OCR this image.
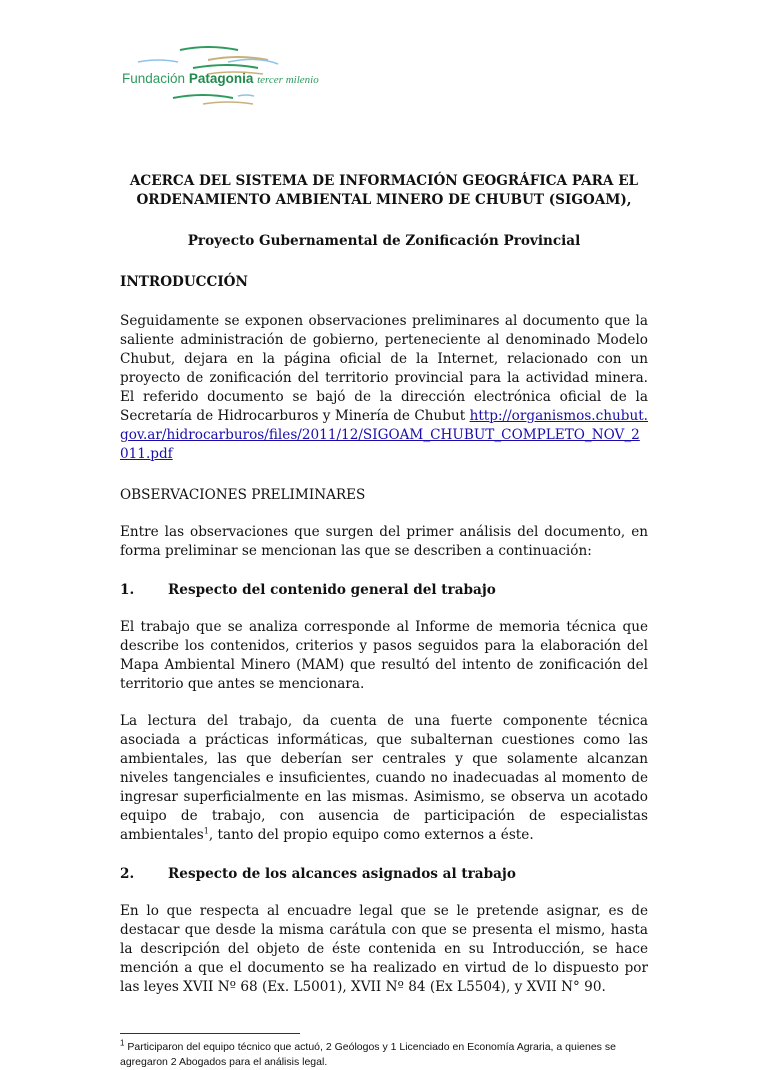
Fundación Patagonia tercer milenio

ACERCA DEL SISTEMA DE INFORMACIÓN GEOGRÁFICA PARA EL
ORDENAMIENTO AMBIENTAL MINERO DE CHUBUT (SIGOAM),

Proyecto Gubernamental de Zonificación Provincial
INTRODUCCIÓN

Seguidamente se exponen observaciones preliminares al documento que la saliente administración de gobierno, perteneciente al denominado Modelo Chubut, dejara en la página oficial de la Internet, relacionado con un proyecto de zonificación del territorio provincial para la actividad minera. El referido documento se bajó de la dirección electrónica oficial de la Secretaría de Hidrocarburos y Minería de Chubut http://organismos.chubut.gov.ar/hidrocarburos/files/2011/12/SIGOAM_CHUBUT_COMPLETO_NOV_2011.pdf

OBSERVACIONES PRELIMINARES

Entre las observaciones que surgen del primer análisis del documento, en forma preliminar se mencionan las que se describen a continuación:

1.	Respecto del contenido general del trabajo

El trabajo que se analiza corresponde al Informe de memoria técnica que describe los contenidos, criterios y pasos seguidos para la elaboración del Mapa Ambiental Minero (MAM) que resultó del intento de zonificación del territorio que antes se mencionara.

La lectura del trabajo, da cuenta de una fuerte componente técnica asociada a prácticas informáticas, que subalternan cuestiones como las ambientales, las que deberían ser centrales y que solamente alcanzan niveles tangenciales e insuficientes, cuando no inadecuadas al momento de ingresar superficialmente en las mismas. Asimismo, se observa un acotado equipo de trabajo, con ausencia de participación de especialistas ambientales$^1$, tanto del propio equipo como externos a éste.

2.	Respecto de los alcances asignados al trabajo

En lo que respecta al encuadre legal que se le pretende asignar, es de destacar que desde la misma carátula con que se presenta el mismo, hasta la descripción del objeto de éste contenida en su Introducción, se hace mención a que el documento se ha realizado en virtud de lo dispuesto por las leyes XVII Nº 68 (Ex. L5001), XVII Nº 84 (Ex L5504), y XVII N° 90.

$^1$ Participaron del equipo técnico que actuó, 2 Geólogos y 1 Licenciado en Economía Agraria, a quienes se agregaron 2 Abogados para el análisis legal.
